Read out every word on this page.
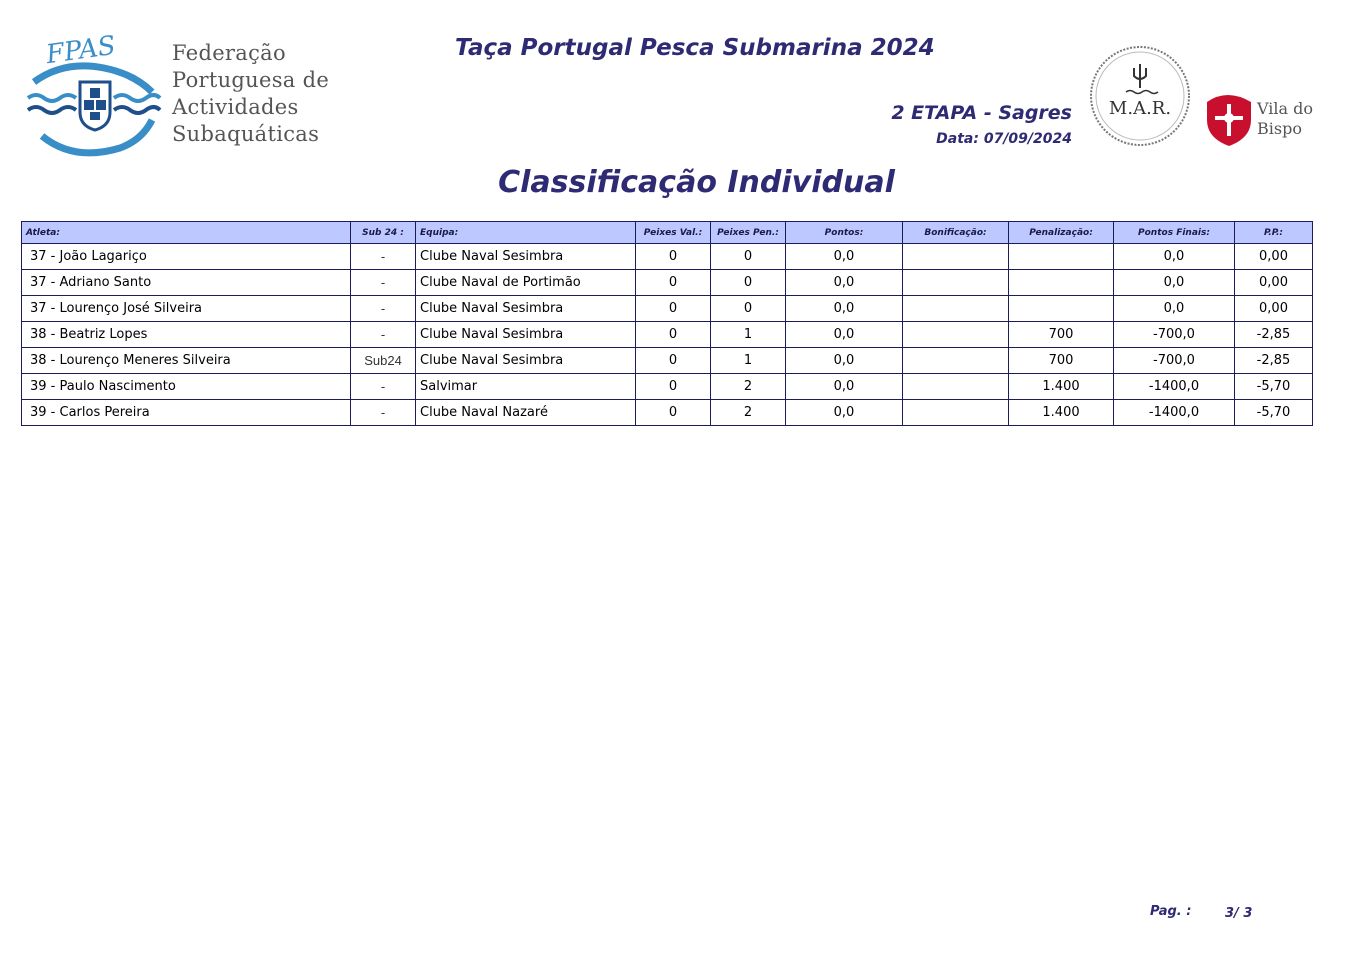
FPAS	Federação
Portuguesa de
Actividades
Subaquáticas
Taça Portugal Pesca Submarina 2024
2 ETAPA - Sagres
Data: 07/09/2024
Classificação Individual
M.A.R.	Vila do
Bispo
Atleta:	Sub 24 :	Equipa:	Peixes Val.:	Peixes Pen.:	Pontos:	Bonificação:	Penalização:	Pontos Finais:	P.P.:
37 - João Lagariço	-	Clube Naval Sesimbra	0	0	0,0			0,0	0,00
37 - Adriano Santo	-	Clube Naval de Portimão	0	0	0,0			0,0	0,00
37 - Lourenço José Silveira	-	Clube Naval Sesimbra	0	0	0,0			0,0	0,00
38 - Beatriz Lopes	-	Clube Naval Sesimbra	0	1	0,0		700	-700,0	-2,85
38 - Lourenço Meneres Silveira	Sub24	Clube Naval Sesimbra	0	1	0,0		700	-700,0	-2,85
39 - Paulo Nascimento	-	Salvimar	0	2	0,0		1.400	-1400,0	-5,70
39 - Carlos Pereira	-	Clube Naval Nazaré	0	2	0,0		1.400	-1400,0	-5,70
Pag. :	3/ 3
